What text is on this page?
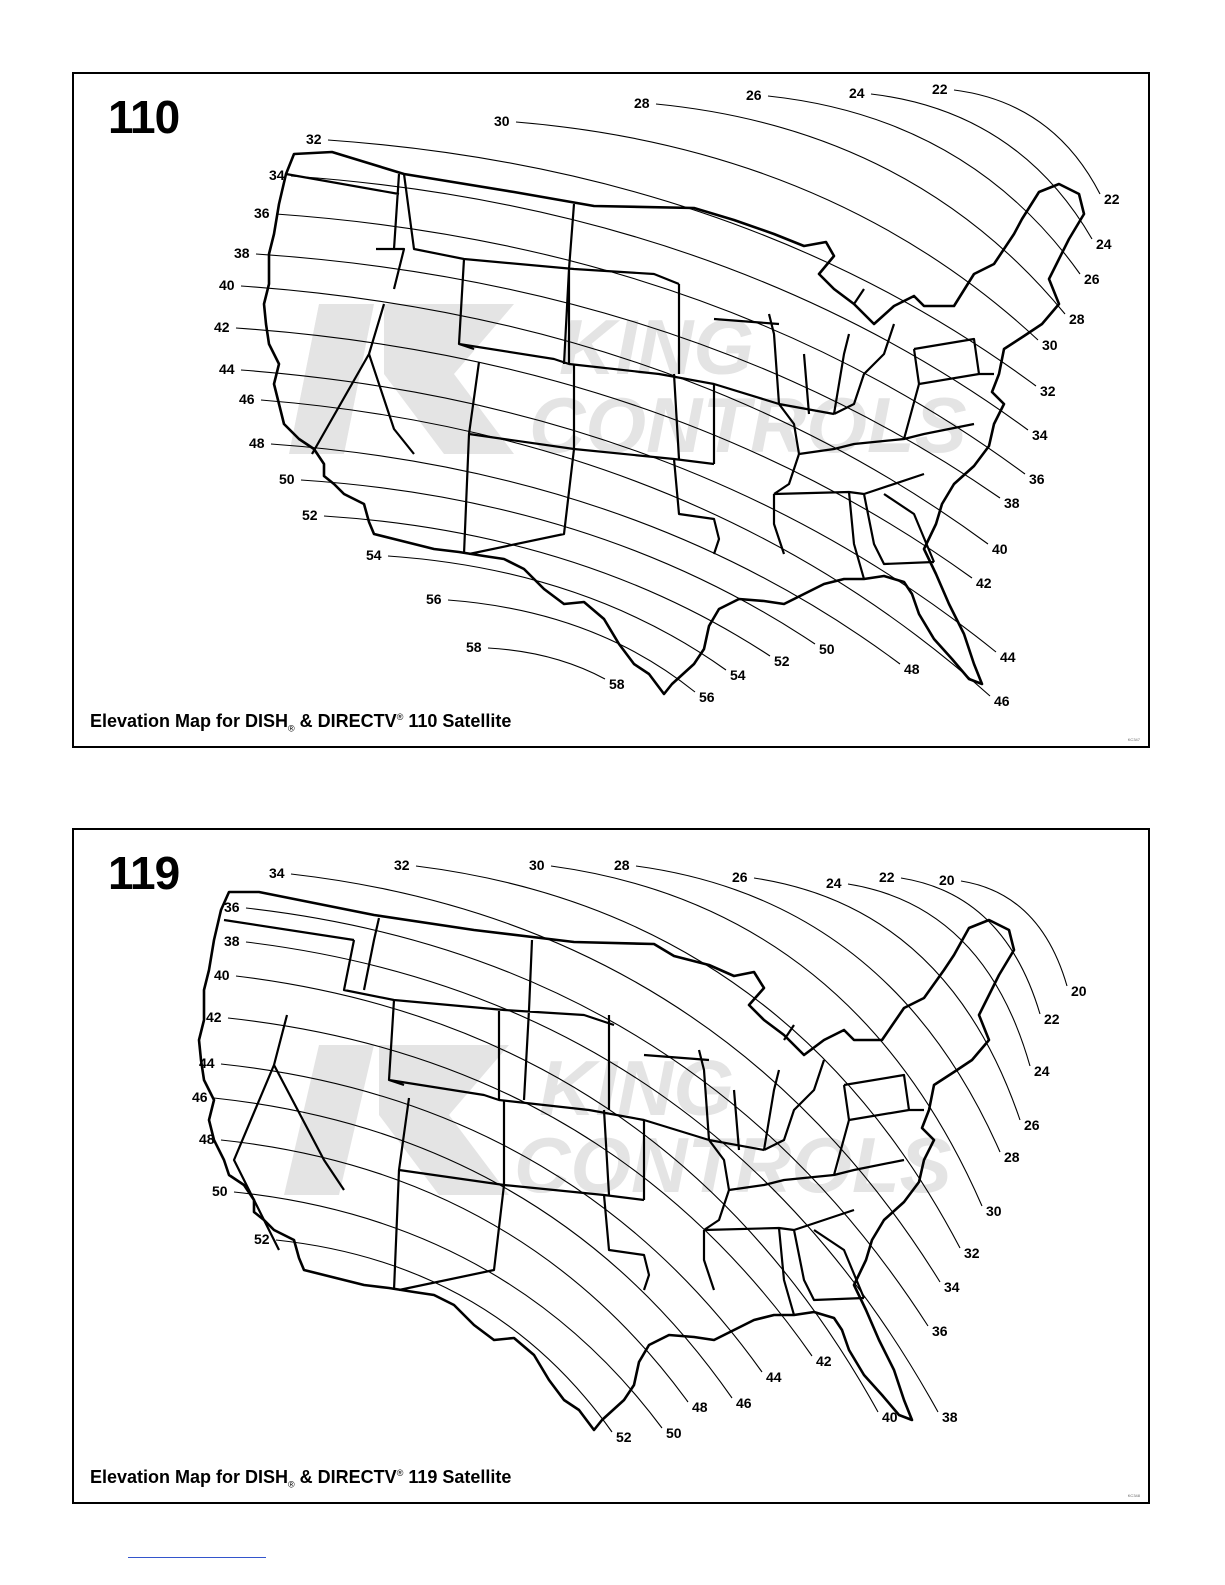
KING
CONTROLS
22
22
24
24
26
26
28
28
30
30
32
32
34
34
36
36
38
38
40
40
42
42
44
44
46
46
48
48
50
50
52
52
54
54
56
56
58
58
110
Elevation Map for $DISH_®$ & DIRECTV® 110 Satellite
KC347
KING
CONTROLS
20
20
22
22
24
24
26
26
28
28
30
30
32
32
34
34
36
36
38
38
40
40
42
42
44
44
46
46
48
48
50
50
52
52
119
Elevation Map for $DISH_®$ & DIRECTV® 119 Satellite
KC348
